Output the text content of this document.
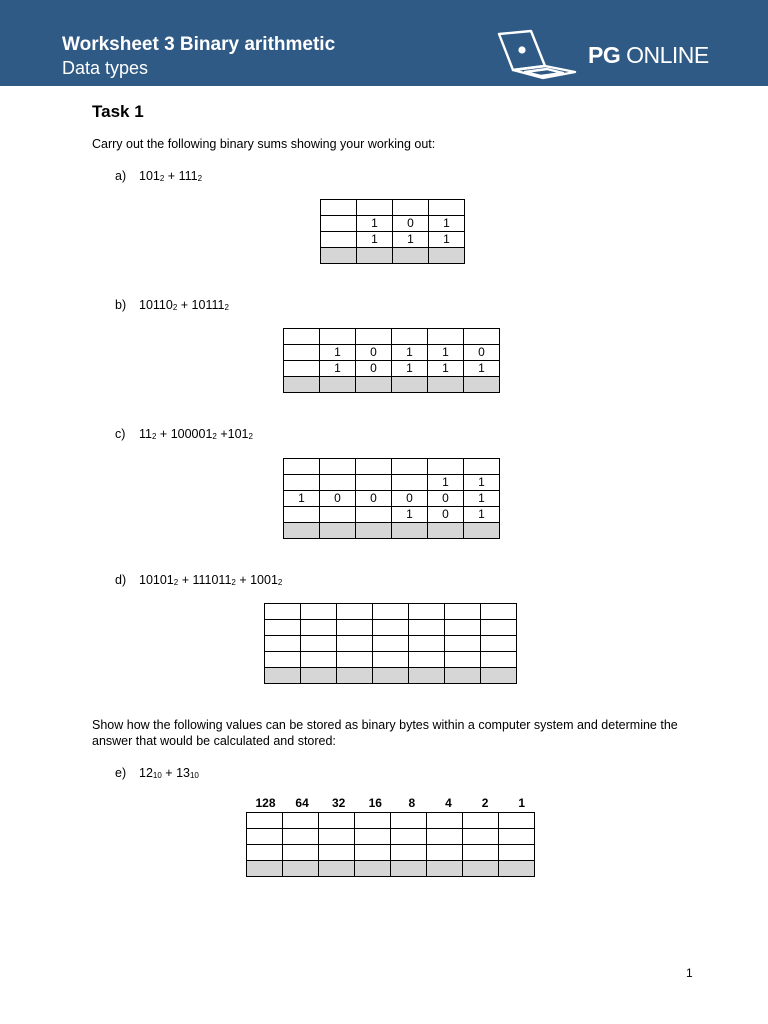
Worksheet 3 Binary arithmetic
Data types	PG ONLINE
Task 1
Carry out the following binary sums showing your working out:
a) $101_2 + 111_2$

	1	0	1
	1	1	1

b) $10110_2 + 10111_2$

	1	0	1	1	0
	1	0	1	1	1

c) $11_2 + 100001_2 +101_2$

				1	1
1	0	0	0	0	1
			1	0	1

d) $10101_2 + 111011_2 + 1001_2$

e) $12_{10} + 13_{10}$

Show how the following values can be stored as binary bytes within a computer system and determine the answer that would be calculated and stored:
128	64	32	16	8	4	2	1
1
